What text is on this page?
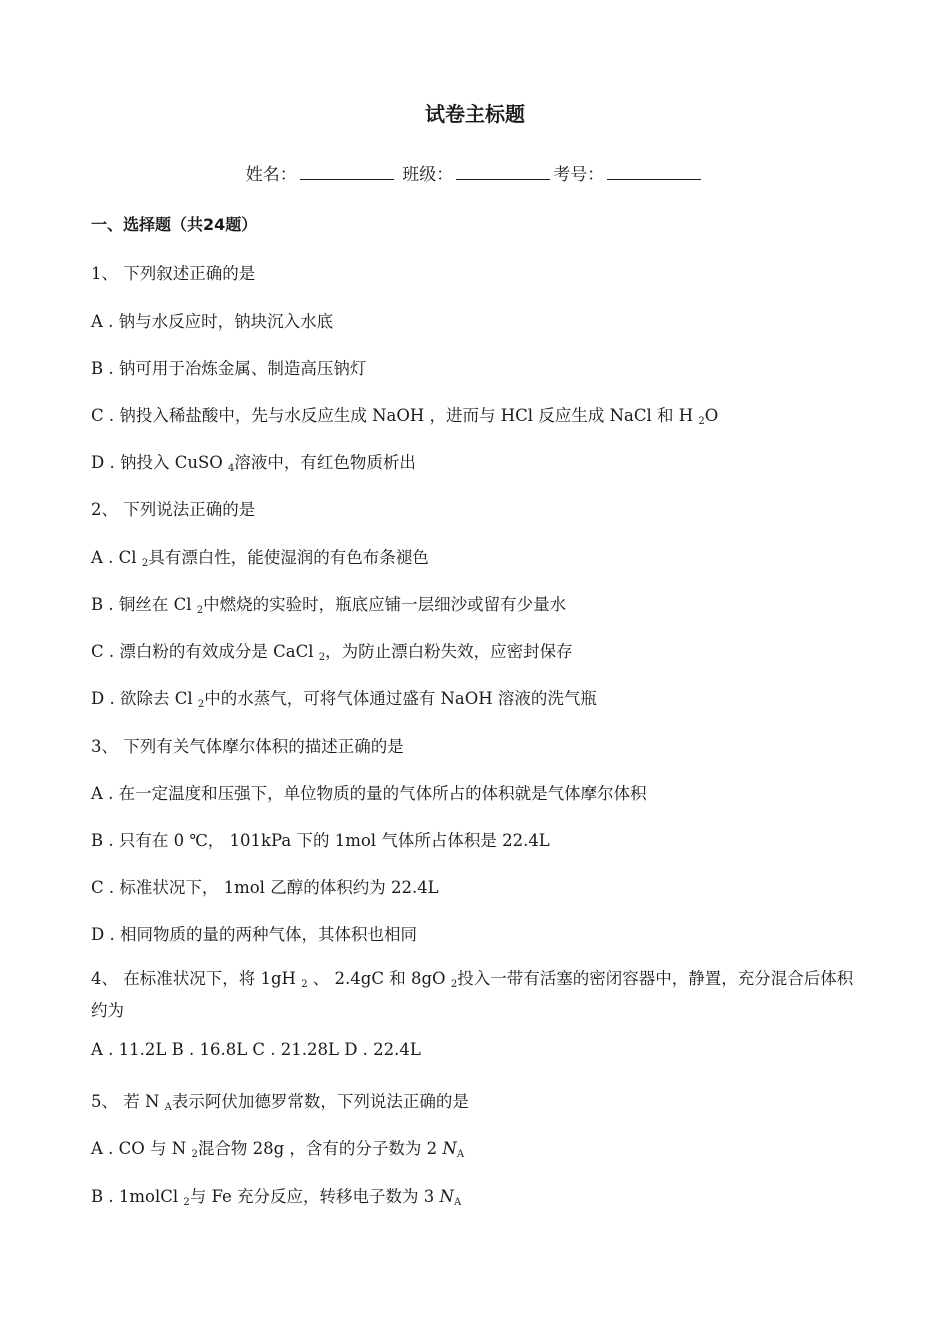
试卷主标题
姓名：	班级：	考号：
一、选择题（共24题）
1、 下列叙述正确的是
A . 钠与水反应时，钠块沉入水底
B . 钠可用于冶炼金属、制造高压钠灯
C . 钠投入稀盐酸中，先与水反应生成 NaOH ，进而与 HCl 反应生成 NaCl 和 H $_2$O
D . 钠投入 CuSO $_4$溶液中，有红色物质析出
2、 下列说法正确的是
A . Cl $_2$具有漂白性，能使湿润的有色布条褪色
B . 铜丝在 Cl $_2$中燃烧的实验时，瓶底应铺一层细沙或留有少量水
C . 漂白粉的有效成分是 CaCl $_2$，为防止漂白粉失效，应密封保存
D . 欲除去 Cl $_2$中的水蒸气，可将气体通过盛有 NaOH 溶液的洗气瓶
3、 下列有关气体摩尔体积的描述正确的是
A . 在一定温度和压强下，单位物质的量的气体所占的体积就是气体摩尔体积
B . 只有在 0 ℃， 101kPa 下的 1mol 气体所占体积是 22.4L
C . 标准状况下， 1mol 乙醇的体积约为 22.4L
D . 相同物质的量的两种气体，其体积也相同
4、 在标准状况下，将 1gH $_2$ 、 2.4gC 和 8gO $_2$投入一带有活塞的密闭容器中，静置，充分混合后体积约为
A . 11.2L B . 16.8L C . 21.28L D . 22.4L
5、 若 N $_A$表示阿伏加德罗常数，下列说法正确的是
A . CO 与 N $_2$混合物 28g ，含有的分子数为 2 $N_A$
B . 1molCl $_2$与 Fe 充分反应，转移电子数为 3 $N_A$
